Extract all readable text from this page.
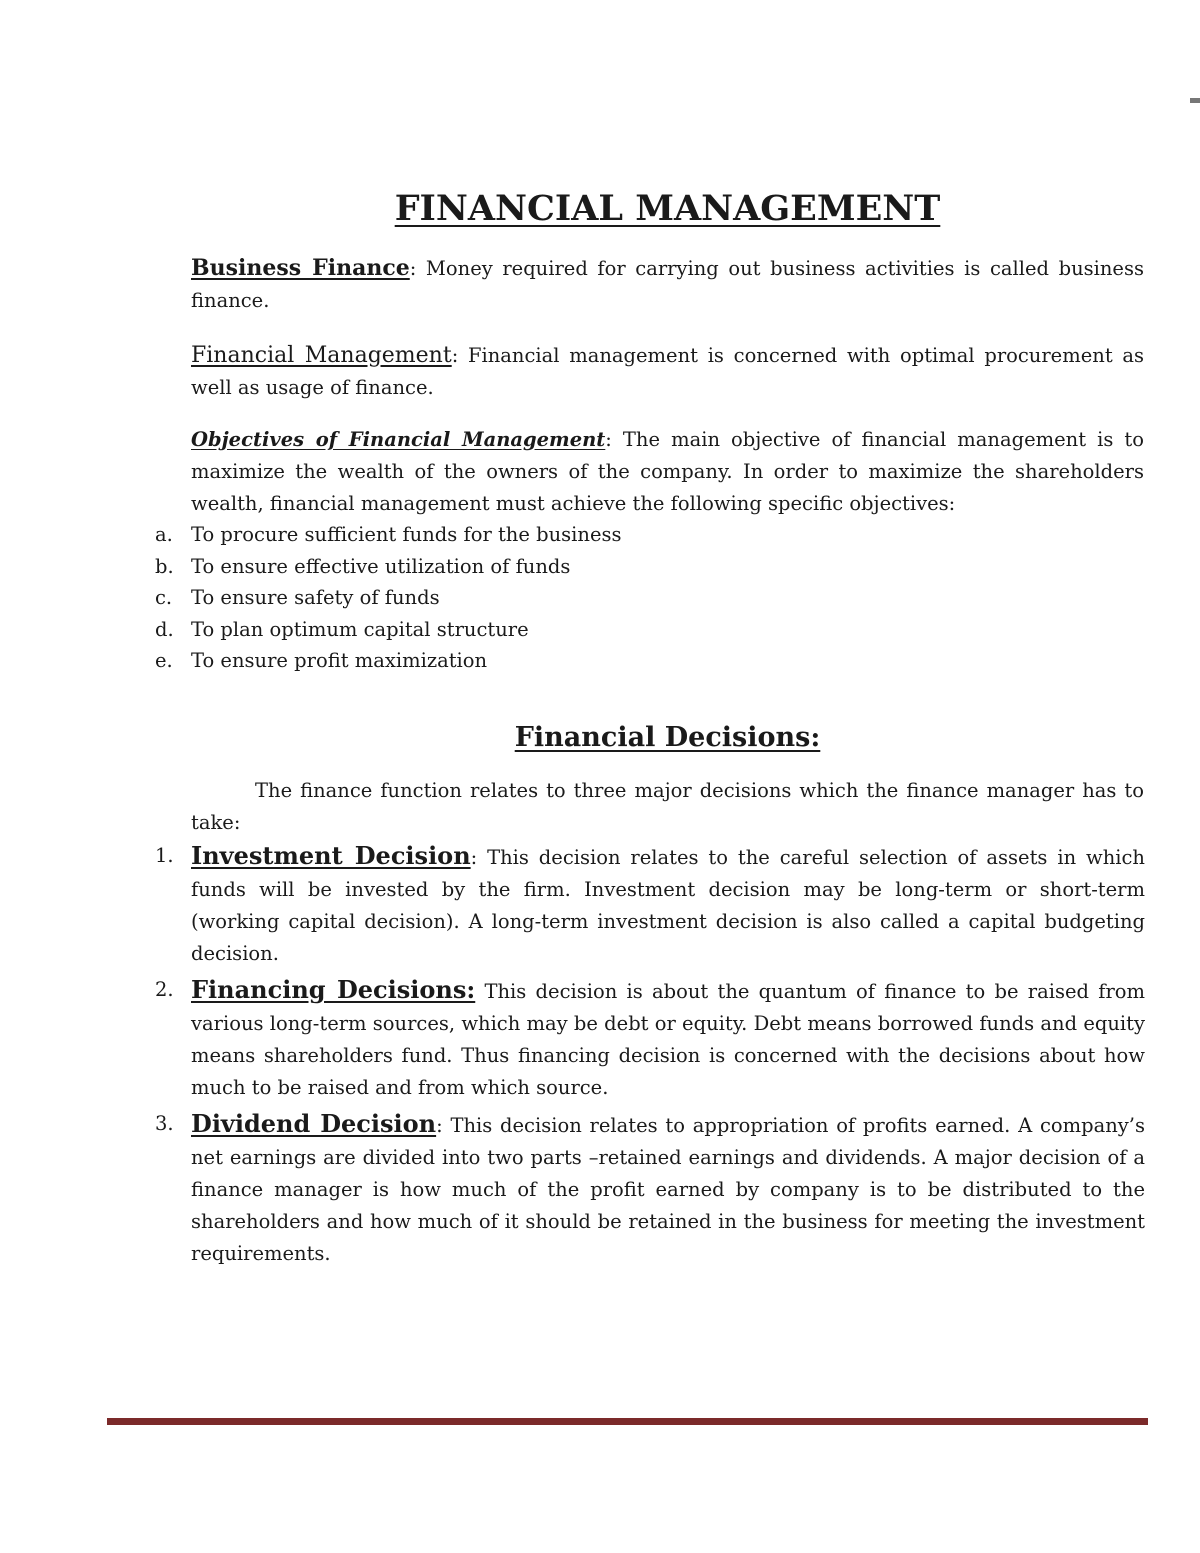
FINANCIAL MANAGEMENT

Business Finance: Money required for carrying out business activities is called business finance.

Financial Management: Financial management is concerned with optimal procurement as well as usage of finance.

Objectives of Financial Management: The main objective of financial management is to maximize the wealth of the owners of the company. In order to maximize the shareholders wealth, financial management must achieve the following specific objectives:

a. To procure sufficient funds for the business
b. To ensure effective utilization of funds
c. To ensure safety of funds
d. To plan optimum capital structure
e. To ensure profit maximization
Financial Decisions:

The finance function relates to three major decisions which the finance manager has to take:

1. Investment Decision: This decision relates to the careful selection of assets in which funds will be invested by the firm. Investment decision may be long-term or short-term (working capital decision). A long-term investment decision is also called a capital budgeting decision.
2. Financing Decisions: This decision is about the quantum of finance to be raised from various long-term sources, which may be debt or equity. Debt means borrowed funds and equity means shareholders fund. Thus financing decision is concerned with the decisions about how much to be raised and from which source.
3. Dividend Decision: This decision relates to appropriation of profits earned. A company’s net earnings are divided into two parts –retained earnings and dividends. A major decision of a finance manager is how much of the profit earned by company is to be distributed to the shareholders and how much of it should be retained in the business for meeting the investment requirements.
